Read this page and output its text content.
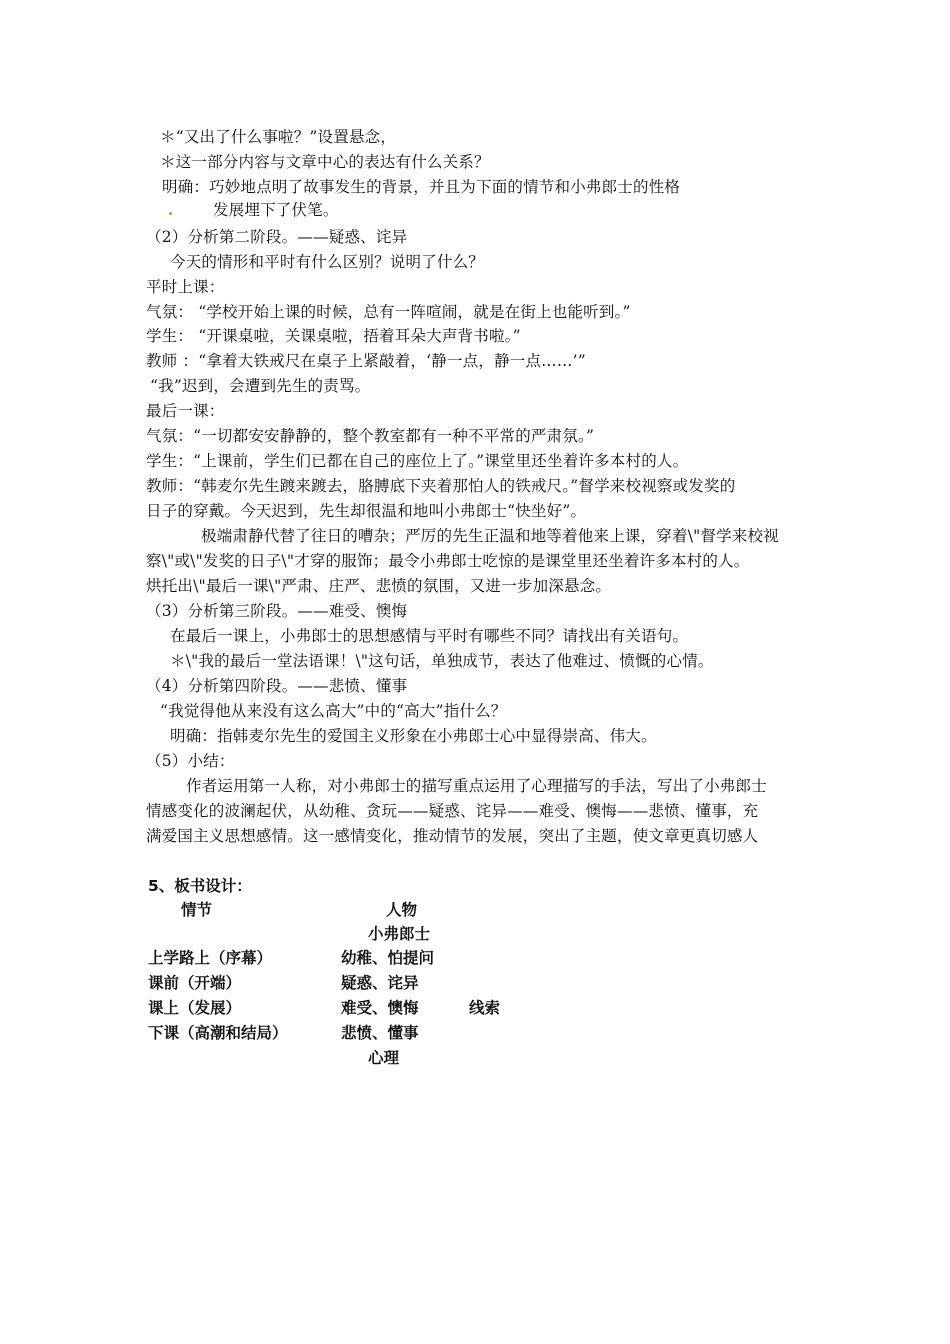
＊“又出了什么事啦？”设置悬念，
＊这一部分内容与文章中心的表达有什么关系？
明确：巧妙地点明了故事发生的背景，并且为下面的情节和小弗郎士的性格
发展埋下了伏笔。
（2）分析第二阶段。——疑惑、诧异
今天的情形和平时有什么区别？说明了什么？
平时上课：
气氛： “学校开始上课的时候，总有一阵喧闹，就是在街上也能听到。”
学生： “开课桌啦，关课桌啦，捂着耳朵大声背书啦。”
教师 ：“拿着大铁戒尺在桌子上紧敲着，‘静一点，静一点……’”
“我”迟到，会遭到先生的责骂。
最后一课：
气氛：“一切都安安静静的，整个教室都有一种不平常的严肃氛。”
学生：“上课前，学生们已都在自己的座位上了。”课堂里还坐着许多本村的人。
教师：“韩麦尔先生踱来踱去，胳膊底下夹着那怕人的铁戒尺。”督学来校视察或发奖的
日子的穿戴。今天迟到，先生却很温和地叫小弗郎士“快坐好”。
极端肃静代替了往日的嘈杂；严厉的先生正温和地等着他来上课，穿着\"督学来校视
察\"或\"发奖的日子\"才穿的服饰；最令小弗郎士吃惊的是课堂里还坐着许多本村的人。
烘托出\"最后一课\"严肃、庄严、悲愤的氛围，又进一步加深悬念。
（3）分析第三阶段。——难受、懊悔
在最后一课上，小弗郎士的思想感情与平时有哪些不同？请找出有关语句。
＊\"我的最后一堂法语课！\"这句话，单独成节，表达了他难过、愤慨的心情。
（4）分析第四阶段。——悲愤、懂事
“我觉得他从来没有这么高大”中的“高大”指什么？
明确：指韩麦尔先生的爱国主义形象在小弗郎士心中显得崇高、伟大。
（5）小结：
作者运用第一人称，对小弗郎士的描写重点运用了心理描写的手法，写出了小弗郎士
情感变化的波澜起伏，从幼稚、贪玩——疑惑、诧异——难受、懊悔——悲愤、懂事，充
满爱国主义思想感情。这一感情变化，推动情节的发展，突出了主题，使文章更真切感人
5、板书设计：
情节	人物
小弗郎士
上学路上（序幕）	幼稚、怕提问
课前（开端）	疑惑、诧异
课上（发展）	难受、懊悔	线索
下课（高潮和结局）	悲愤、懂事
心理
